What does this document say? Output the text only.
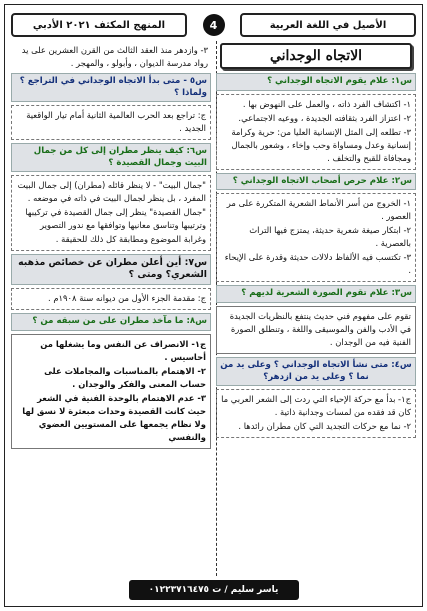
الأصيل في اللغة العربية
4
المنهج المكثف ٢٠٢١ الأدبي
الاتجاه الوجداني
س١: علام يقوم الاتجاه الوجداني ؟

١- اكتشاف الفرد ذاته ، والعمل على النهوض بها .

٢- اعتزاز الفرد بثقافته الجديدة ، ووعيه الاجتماعي.

٣- تطلعه إلى المثل الإنسانية العليا من: حرية وكرامة إنسانية وعدل ومساواة وحب وإخاء ، وشعور بالجمال ومجافاة للقبح والتخلف .

س٢: علام حرص أصحاب الاتجاه الوجداني ؟

١- الخروج من أسر الأنماط الشعرية المتكررة على مر العصور .

٢- ابتكار صيغة شعرية حديثة، يمتزج فيها التراث بالعصرية .

٣- تكتسب فيه الألفاظ دلالات حديثة وقدرة على الإيحاء .

س٣: علام تقوم الصورة الشعرية لديهم ؟

تقوم على مفهوم فني حديث ينتفع بالنظريات الجديدة في الأدب والفن والموسيقى واللغة ، وتنطلق الصورة الفنية فيه من الوجدان .

س٤: متى نشأ الاتجاه الوجداني ؟ وعلى يد من نما ؟ وعلى يد من ازدهر؟

ج١- بدأ مع حركة الإحياء التي ردت إلى الشعر العربي ما كان قد فقده من لمسات وجدانية ذاتية .

٢- نما مع حركات التجديد التي كان مطران رائدها .

٣- وازدهر منذ العقد الثالث من القرن العشرين على يد رواد مدرسة الديوان ، وأبولو ، والمهجر .

س٥ - متى بدأ الاتجاه الوجداني في التراجع ؟ ولماذا ؟

ج: تراجع بعد الحرب العالمية الثانية أمام تيار الواقعية الجديد .

س٦: كيف ينظر مطران إلى كل من جمال البيت وجمال القصيدة ؟

"جمال البيت" - لا ينظر قائله (مطران) إلى جمال البيت المفرد ، بل ينظر لجمال البيت في ذاته في موضعه .

"جمال القصيدة" ينظر إلى جمال القصيدة في تركيبها وترتيبها وتناسق معانيها وتوافقها مع ندور التصوير وغرابة الموضوع ومطابقة كل ذلك للحقيقة .

س٧: أين أعلن مطران عن خصائص مذهبه الشعري؟ ومتى ؟

ج: مقدمة الجزء الأول من ديوانه سنة ١٩٠٨م .

س٨: ما مآخذ مطران على من سبقه من ؟

ج١- الانصراف عن النفس وما يشغلها من أحاسيس .

٢- الاهتمام بالمناسبات والمجاملات على حساب المعنى والفكر والوجدان .

٣- عدم الاهتمام بالوحدة الفنية في الشعر حيث كانت القصيدة وحدات مبعثرة لا نسق لها ولا نظام يجمعها على المستويين العضوي والنفسي

ياسر سليم / ت ٠١٢٢٣٧١٦٤٧٥
